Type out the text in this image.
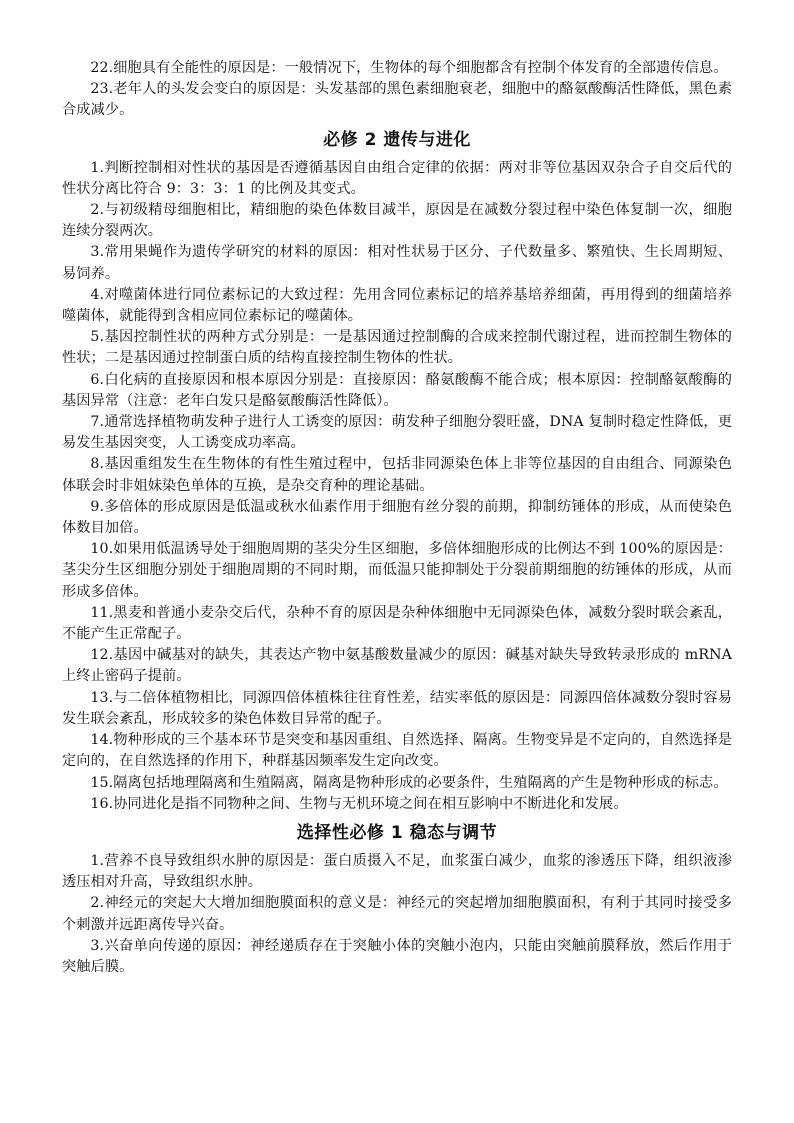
22.细胞具有全能性的原因是：一般情况下，生物体的每个细胞都含有控制个体发育的全部遗传信息。

23.老年人的头发会变白的原因是：头发基部的黑色素细胞衰老，细胞中的酪氨酸酶活性降低，黑色素合成减少。

必修 2 遗传与进化

1.判断控制相对性状的基因是否遵循基因自由组合定律的依据：两对非等位基因双杂合子自交后代的性状分离比符合 9：3：3：1 的比例及其变式。

2.与初级精母细胞相比，精细胞的染色体数目减半，原因是在减数分裂过程中染色体复制一次，细胞连续分裂两次。

3.常用果蝇作为遗传学研究的材料的原因：相对性状易于区分、子代数量多、繁殖快、生长周期短、易饲养。

4.对噬菌体进行同位素标记的大致过程：先用含同位素标记的培养基培养细菌，再用得到的细菌培养噬菌体，就能得到含相应同位素标记的噬菌体。

5.基因控制性状的两种方式分别是：一是基因通过控制酶的合成来控制代谢过程，进而控制生物体的性状；二是基因通过控制蛋白质的结构直接控制生物体的性状。

6.白化病的直接原因和根本原因分别是：直接原因：酪氨酸酶不能合成；根本原因：控制酪氨酸酶的基因异常（注意：老年白发只是酪氨酸酶活性降低）。

7.通常选择植物萌发种子进行人工诱变的原因：萌发种子细胞分裂旺盛，DNA 复制时稳定性降低，更易发生基因突变，人工诱变成功率高。

8.基因重组发生在生物体的有性生殖过程中，包括非同源染色体上非等位基因的自由组合、同源染色体联会时非姐妹染色单体的互换，是杂交育种的理论基础。

9.多倍体的形成原因是低温或秋水仙素作用于细胞有丝分裂的前期，抑制纺锤体的形成，从而使染色体数目加倍。

10.如果用低温诱导处于细胞周期的茎尖分生区细胞，多倍体细胞形成的比例达不到 100%的原因是：茎尖分生区细胞分别处于细胞周期的不同时期，而低温只能抑制处于分裂前期细胞的纺锤体的形成，从而形成多倍体。

11.黑麦和普通小麦杂交后代，杂种不育的原因是杂种体细胞中无同源染色体，减数分裂时联会紊乱，不能产生正常配子。

12.基因中碱基对的缺失，其表达产物中氨基酸数量减少的原因：碱基对缺失导致转录形成的 mRNA 上终止密码子提前。

13.与二倍体植物相比，同源四倍体植株往往育性差，结实率低的原因是：同源四倍体减数分裂时容易发生联会紊乱，形成较多的染色体数目异常的配子。

14.物种形成的三个基本环节是突变和基因重组、自然选择、隔离。生物变异是不定向的，自然选择是定向的，在自然选择的作用下，种群基因频率发生定向改变。

15.隔离包括地理隔离和生殖隔离，隔离是物种形成的必要条件，生殖隔离的产生是物种形成的标志。

16.协同进化是指不同物种之间、生物与无机环境之间在相互影响中不断进化和发展。

选择性必修 1 稳态与调节

1.营养不良导致组织水肿的原因是：蛋白质摄入不足，血浆蛋白减少，血浆的渗透压下降，组织液渗透压相对升高，导致组织水肿。

2.神经元的突起大大增加细胞膜面积的意义是：神经元的突起增加细胞膜面积，有利于其同时接受多个刺激并远距离传导兴奋。

3.兴奋单向传递的原因：神经递质存在于突触小体的突触小泡内，只能由突触前膜释放，然后作用于突触后膜。
